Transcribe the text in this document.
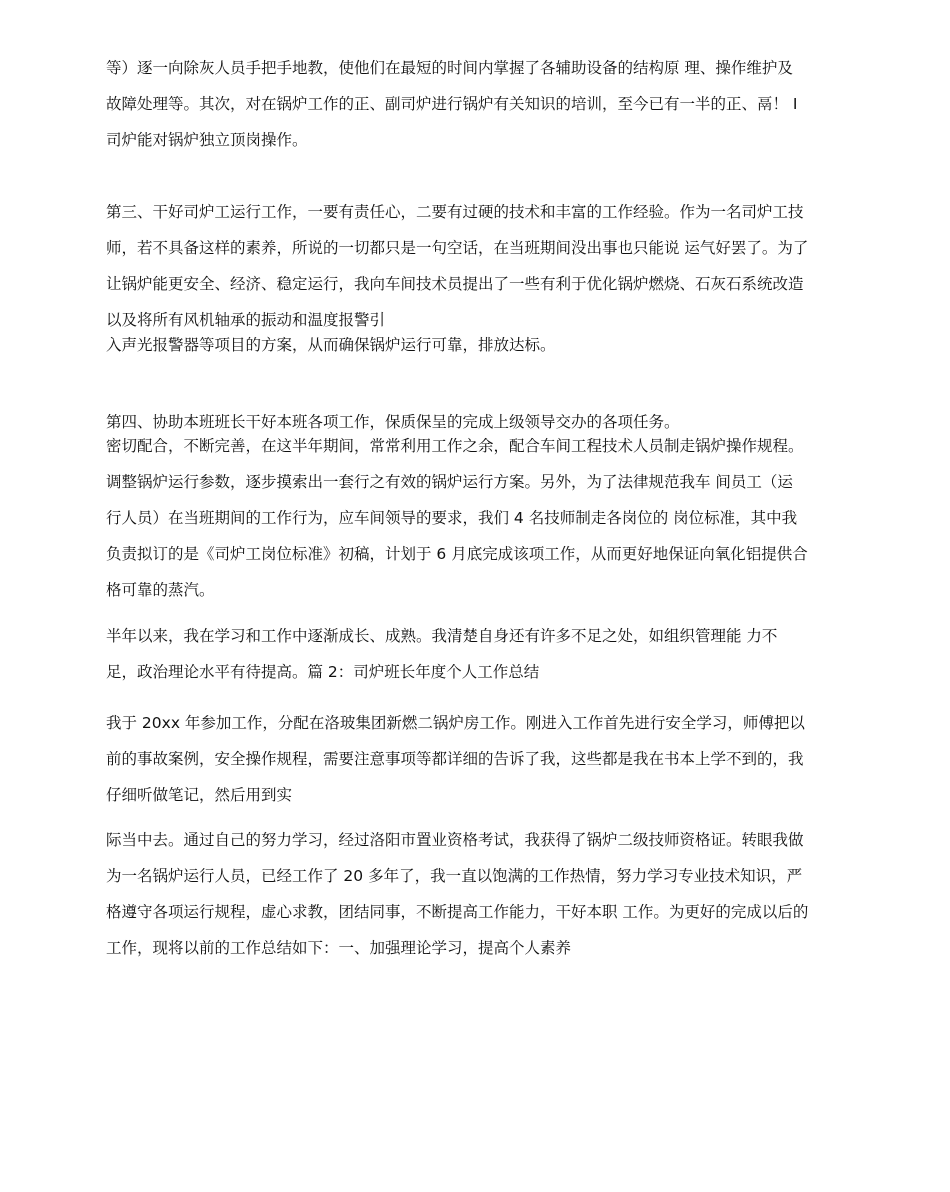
等）逐一向除灰人员手把手地教，使他们在最短的时间内掌握了各辅助设备的结构原 理、操作维护及
故障处理等。其次，对在锅炉工作的正、副司炉进行锅炉有关知识的培训，至今已有一半的正、鬲！ I
司炉能对锅炉独立顶岗操作。

第三、干好司炉工运行工作，一要有责任心，二要有过硬的技术和丰富的工作经验。作为一名司炉工技
师，若不具备这样的素养，所说的一切都只是一句空话，在当班期间没出事也只能说 运气好罢了。为了
让锅炉能更安全、经济、稳定运行，我向车间技术员提出了一些有利于优化锅炉燃烧、石灰石系统改造
以及将所有风机轴承的振动和温度报警引

入声光报警器等项目的方案，从而确保锅炉运行可靠，排放达标。

第四、协助本班班长干好本班各项工作，保质保呈的完成上级领导交办的各项任务。

密切配合，不断完善，在这半年期间，常常利用工作之余，配合车间工程技术人员制走锅炉操作规程。
调整锅炉运行参数，逐步摸索出一套行之有效的锅炉运行方案。另外，为了法律规范我车 间员工（运
行人员）在当班期间的工作行为，应车间领导的要求，我们 4 名技师制走各岗位的 岗位标准，其中我
负责拟订的是《司炉工岗位标准》初稿，计划于 6 月底完成该项工作，从而更好地保证向氧化铝提供合
格可靠的蒸汽。

半年以来，我在学习和工作中逐渐成长、成熟。我清楚自身还有许多不足之处，如组织管理能 力不
足，政治理论水平有待提高。篇 2：司炉班长年度个人工作总结

我于 20xx 年参加工作，分配在洛玻集团新燃二锅炉房工作。刚进入工作首先进行安全学习，师傅把以
前的事故案例，安全操作规程，需要注意事项等都详细的告诉了我，这些都是我在书本上学不到的，我
仔细听做笔记，然后用到实

际当中去。通过自己的努力学习，经过洛阳市置业资格考试，我获得了锅炉二级技师资格证。转眼我做
为一名锅炉运行人员，已经工作了 20 多年了，我一直以饱满的工作热情，努力学习专业技术知识，严
格遵守各项运行规程，虚心求教，团结同事，不断提高工作能力，干好本职 工作。为更好的完成以后的
工作，现将以前的工作总结如下：一、加强理论学习，提高个人素养
